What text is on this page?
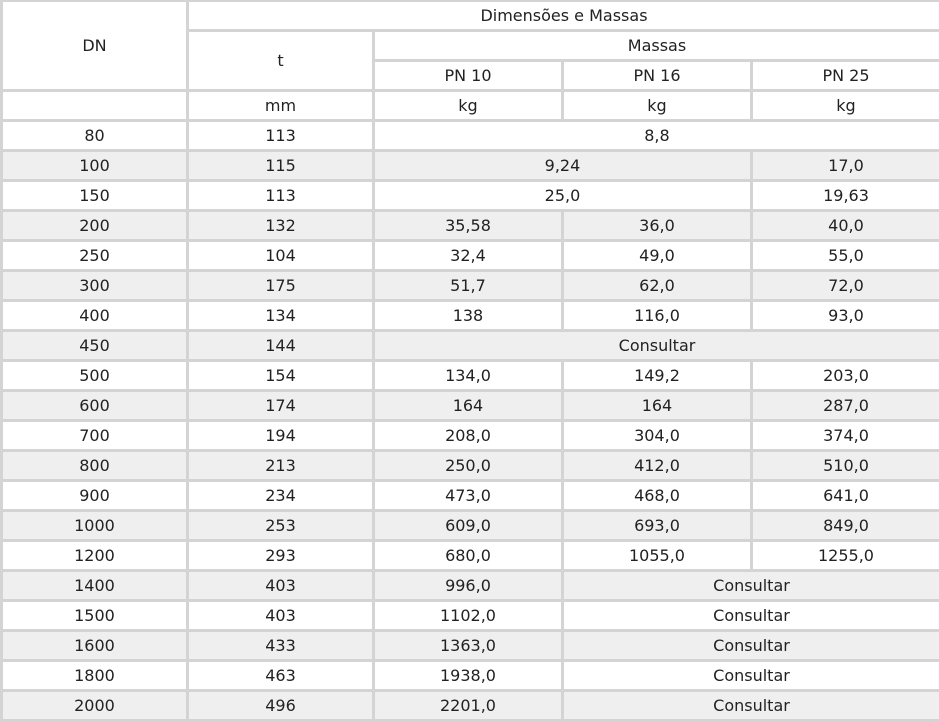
DN	Dimensões e Massas			
	t	Massas		
		PN 10	PN 16	PN 25
	mm	kg	kg	kg
80	113	8,8		
100	115	9,24		17,0
150	113	25,0		19,63
200	132	35,58	36,0	40,0
250	104	32,4	49,0	55,0
300	175	51,7	62,0	72,0
400	134	138	116,0	93,0
450	144	Consultar		
500	154	134,0	149,2	203,0
600	174	164	164	287,0
700	194	208,0	304,0	374,0
800	213	250,0	412,0	510,0
900	234	473,0	468,0	641,0
1000	253	609,0	693,0	849,0
1200	293	680,0	1055,0	1255,0
1400	403	996,0	Consultar	
1500	403	1102,0	Consultar	
1600	433	1363,0	Consultar	
1800	463	1938,0	Consultar	
2000	496	2201,0	Consultar	
